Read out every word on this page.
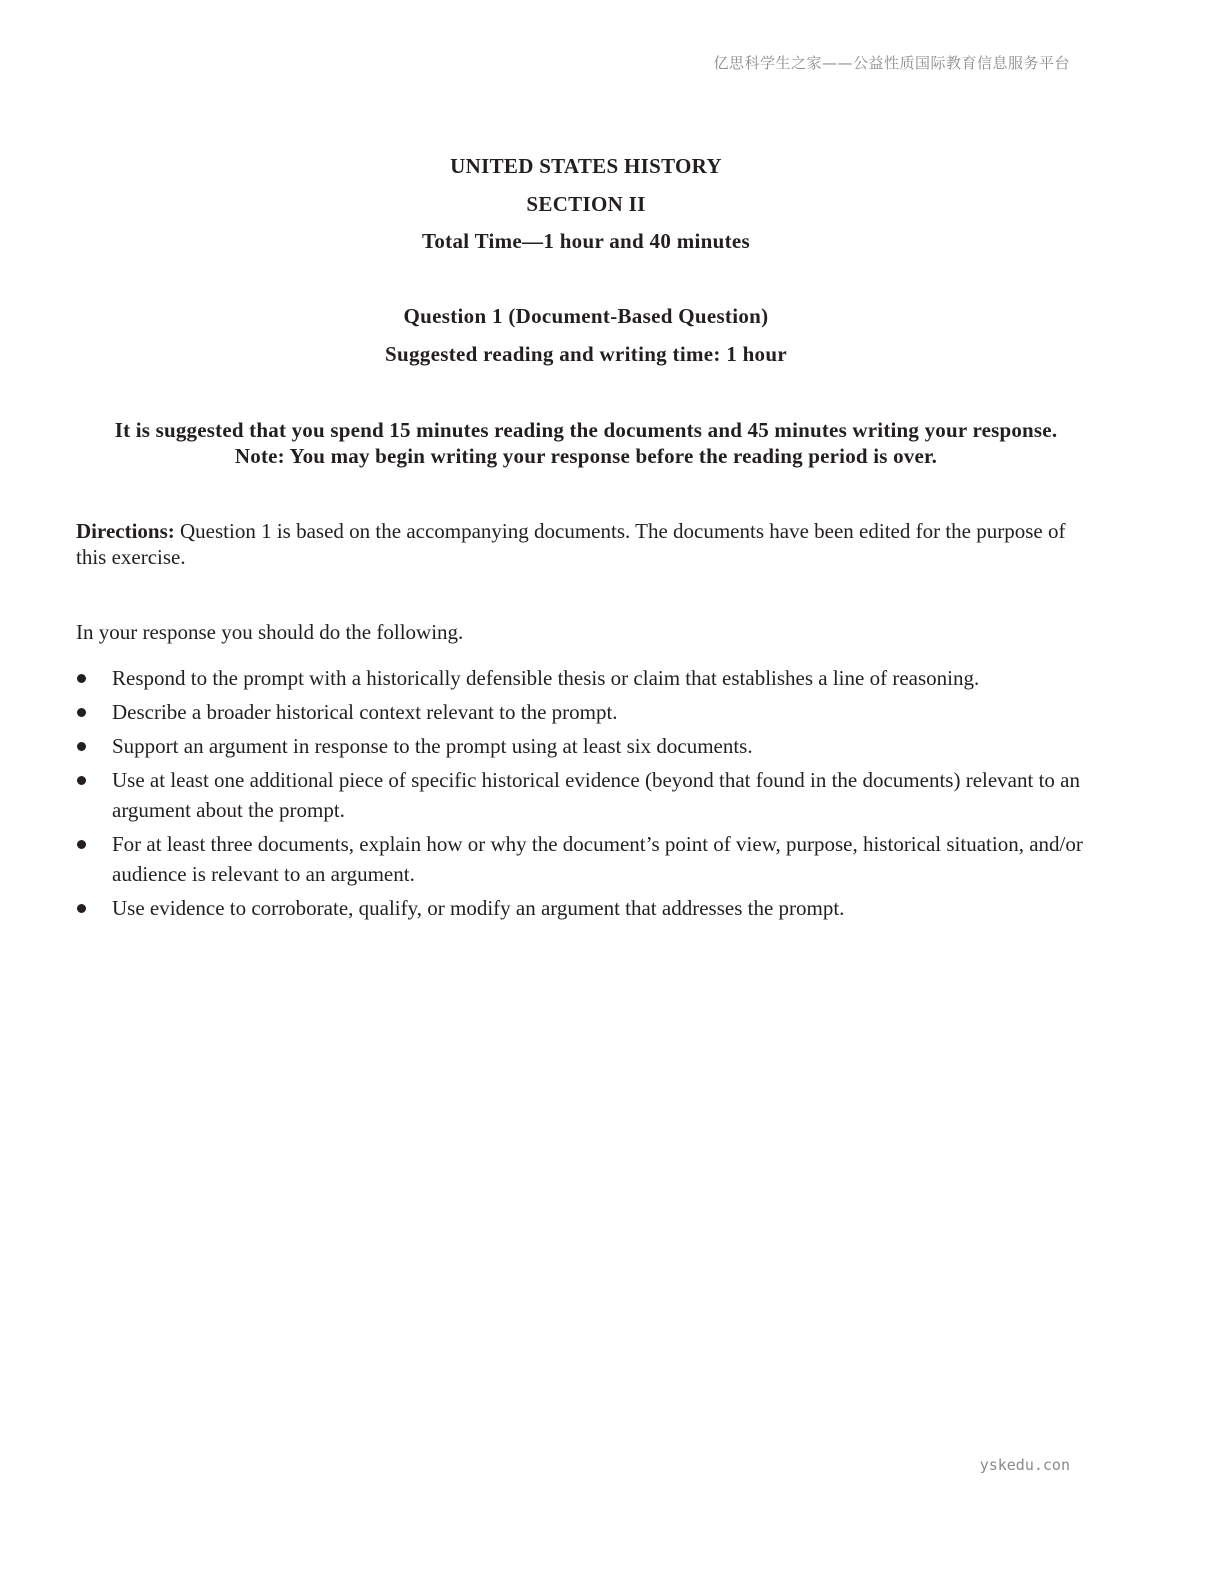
亿思科学生之家——公益性质国际教育信息服务平台
UNITED STATES HISTORY
SECTION II
Total Time—1 hour and 40 minutes
Question 1 (Document-Based Question)
Suggested reading and writing time: 1 hour
It is suggested that you spend 15 minutes reading the documents and 45 minutes writing your response.
Note: You may begin writing your response before the reading period is over.
Directions: Question 1 is based on the accompanying documents. The documents have been edited for the purpose of this exercise.
In your response you should do the following.
Respond to the prompt with a historically defensible thesis or claim that establishes a line of reasoning.
Describe a broader historical context relevant to the prompt.
Support an argument in response to the prompt using at least six documents.
Use at least one additional piece of specific historical evidence (beyond that found in the documents) relevant to an argument about the prompt.
For at least three documents, explain how or why the document’s point of view, purpose, historical situation, and/or audience is relevant to an argument.
Use evidence to corroborate, qualify, or modify an argument that addresses the prompt.
yskedu.con
